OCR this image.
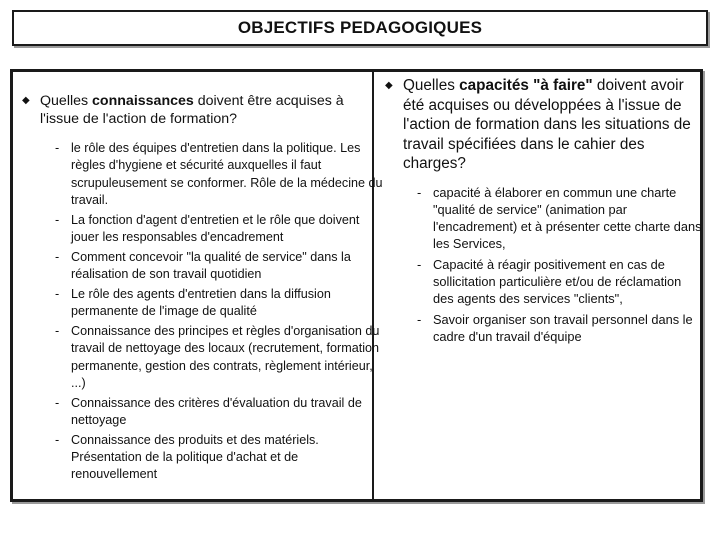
OBJECTIFS PEDAGOGIQUES
◆ Quelles connaissances doivent être acquises à l'issue de l'action de formation?
- le rôle des équipes d'entretien dans la politique. Les règles d'hygiene et sécurité auxquelles il faut scrupuleusement se conformer. Rôle de la médecine du travail.
- La fonction d'agent d'entretien et le rôle que doivent jouer les responsables d'encadrement
- Comment concevoir "la qualité de service" dans la réalisation de son travail quotidien
- Le rôle des agents d'entretien dans la diffusion permanente de l'image de qualité
- Connaissance des principes et règles d'organisation du travail de nettoyage des locaux (recrutement, formation permanente, gestion des contrats, règlement intérieur, ...)
- Connaissance des critères d'évaluation du travail de nettoyage
- Connaissance des produits et des matériels. Présentation de la politique d'achat et de renouvellement
◆ Quelles capacités "à faire" doivent avoir été acquises ou développées à l'issue de l'action de formation dans les situations de travail spécifiées dans le cahier des charges?
- capacité à élaborer en commun une charte "qualité de service" (animation par l'encadrement) et à présenter cette charte dans les Services,
- Capacité à réagir positivement en cas de sollicitation particulière et/ou de réclamation des agents des services "clients",
- Savoir organiser son travail personnel dans le cadre d'un travail d'équipe
